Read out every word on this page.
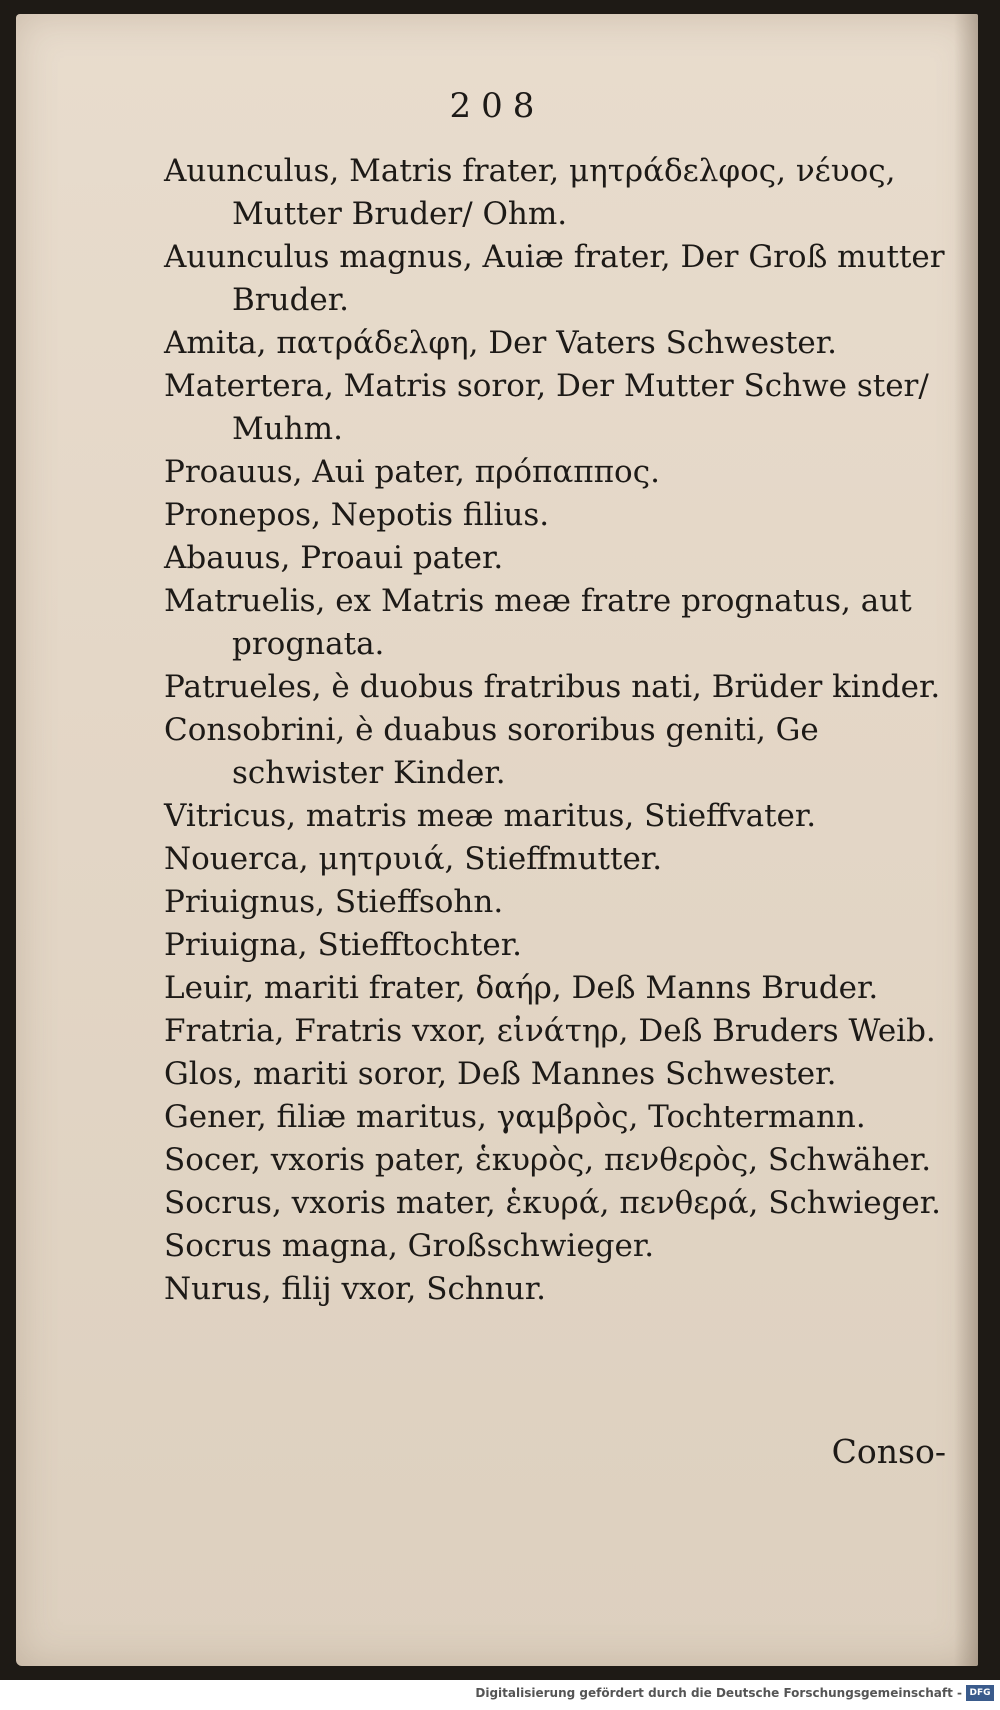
208
Auunculus, Matris frater, μητράδελφος, νέυος, Mutter Bruder/ Ohm.
Auunculus magnus, Auiæ frater, Der Groß mutter Bruder.
Amita, πατράδελφη, Der Vaters Schwester.
Matertera, Matris soror, Der Mutter Schwe ster/ Muhm.
Proauus, Aui pater, πρόπαππος.
Pronepos, Nepotis filius.
Abauus, Proaui pater.
Matruelis, ex Matris meæ fratre prognatus, aut prognata.
Patrueles, è duobus fratribus nati, Brüder kinder.
Consobrini, è duabus sororibus geniti, Ge schwister Kinder.
Vitricus, matris meæ maritus, Stieffvater.
Nouerca, μητρυιά, Stieffmutter.
Priuignus, Stieffsohn.
Priuigna, Stiefftochter.
Leuir, mariti frater, δαήρ, Deß Manns Bruder.
Fratria, Fratris vxor, εἰνάτηρ, Deß Bruders Weib.
Glos, mariti soror, Deß Mannes Schwester.
Gener, filiæ maritus, γαμβρὸς, Tochtermann.
Socer, vxoris pater, ἑκυρὸς, πενθερὸς, Schwäher.
Socrus, vxoris mater, ἑκυρά, πενθερά, Schwieger.
Socrus magna, Großschwieger.
Nurus, filij vxor, Schnur.
Conso-
Digitalisierung gefördert durch die Deutsche Forschungsgemeinschaft - DFG
